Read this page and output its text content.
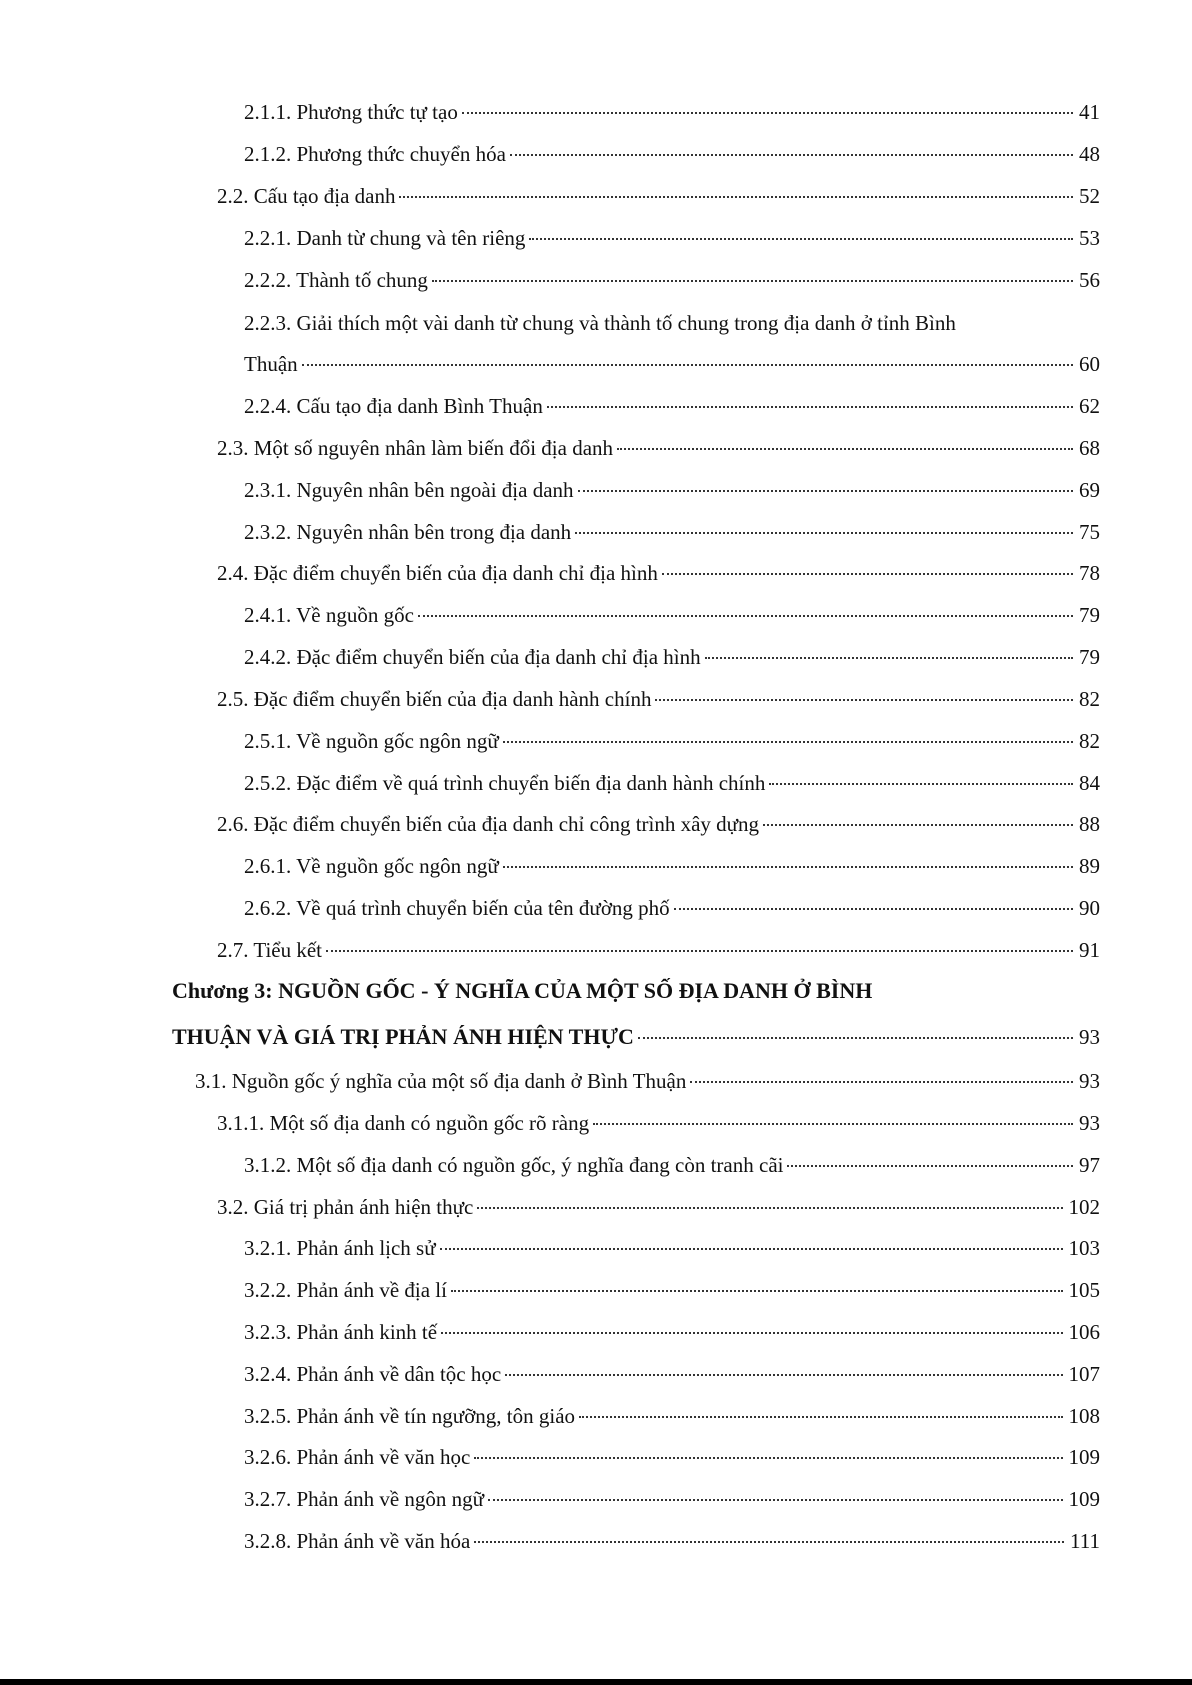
2.1.1. Phương thức tự tạo	41
2.1.2. Phương thức chuyển hóa	48
2.2. Cấu tạo địa danh	52
2.2.1. Danh từ chung và tên riêng	53
2.2.2. Thành tố chung	56
2.2.3. Giải thích một vài danh từ chung và thành tố chung trong địa danh ở tỉnh Bình
Thuận	60
2.2.4. Cấu tạo địa danh Bình Thuận	62
2.3. Một số nguyên nhân làm biến đổi địa danh	68
2.3.1. Nguyên nhân bên ngoài địa danh	69
2.3.2. Nguyên nhân bên trong địa danh	75
2.4. Đặc điểm chuyển biến của địa danh chỉ địa hình	78
2.4.1. Về nguồn gốc	79
2.4.2. Đặc điểm chuyển biến của địa danh chỉ địa hình	79
2.5. Đặc điểm chuyển biến của địa danh hành chính	82
2.5.1. Về nguồn gốc ngôn ngữ	82
2.5.2. Đặc điểm về quá trình chuyển biến địa danh hành chính	84
2.6. Đặc điểm chuyển biến của địa danh chỉ công trình xây dựng	88
2.6.1. Về nguồn gốc ngôn ngữ	89
2.6.2. Về quá trình chuyển biến của tên đường phố	90
2.7. Tiểu kết	91
Chương 3: NGUỒN GỐC - Ý NGHĨA CỦA MỘT SỐ ĐỊA DANH Ở BÌNH
THUẬN VÀ GIÁ TRỊ PHẢN ÁNH HIỆN THỰC	93
3.1. Nguồn gốc ý nghĩa của một số địa danh ở Bình Thuận	93
3.1.1. Một số địa danh có nguồn gốc rõ ràng	93
3.1.2. Một số địa danh có nguồn gốc, ý nghĩa đang còn tranh cãi	97
3.2. Giá trị phản ánh hiện thực	102
3.2.1. Phản ánh lịch sử	103
3.2.2. Phản ánh về địa lí	105
3.2.3. Phản ánh kinh tế	106
3.2.4. Phản ánh về dân tộc học	107
3.2.5. Phản ánh về tín ngưỡng, tôn giáo	108
3.2.6. Phản ánh về văn học	109
3.2.7. Phản ánh về ngôn ngữ	109
3.2.8. Phản ánh về văn hóa	111
